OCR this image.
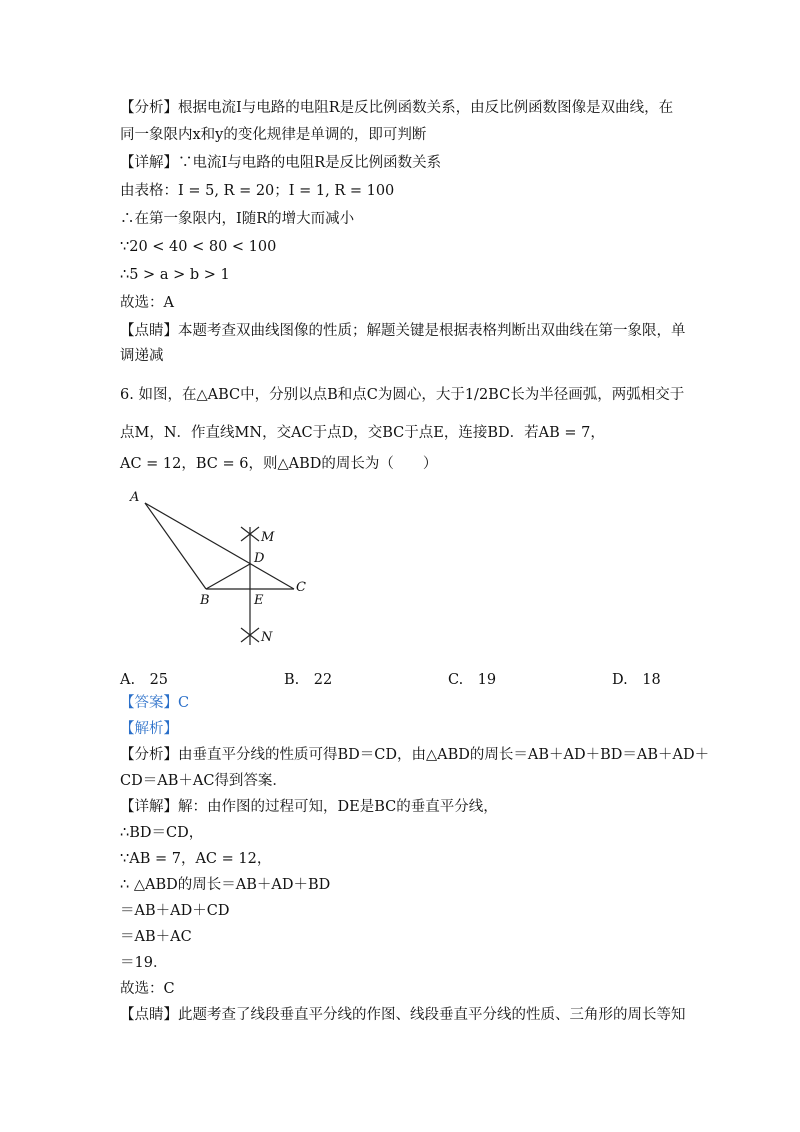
【分析】根据电流I与电路的电阻R是反比例函数关系，由反比例函数图像是双曲线，在
同一象限内x和y的变化规律是单调的，即可判断
【详解】∵电流I与电路的电阻R是反比例函数关系
由表格：I = 5, R = 20；I = 1, R = 100
∴在第一象限内，I随R的增大而减小
∵20 < 40 < 80 < 100
∴5 > a > b > 1
故选：A
【点睛】本题考查双曲线图像的性质；解题关键是根据表格判断出双曲线在第一象限，单
调递减
6. 如图，在△ABC中，分别以点B和点C为圆心，大于1/2BC长为半径画弧，两弧相交于
点M，N．作直线MN，交AC于点D，交BC于点E，连接BD．若AB = 7，
AC = 12，BC = 6，则△ABD的周长为（　　）
A
B
C
D
E
M
N
A.　25	B.　22	C.　19	D.　18
【答案】C
【解析】
【分析】由垂直平分线的性质可得BD＝CD，由△ABD的周长＝AB＋AD＋BD＝AB＋AD＋
CD＝AB＋AC得到答案．
【详解】解：由作图的过程可知，DE是BC的垂直平分线，
∴BD＝CD，
∵AB = 7，AC = 12，
∴ △ABD的周长＝AB＋AD＋BD
＝AB＋AD＋CD
＝AB＋AC
＝19．
故选：C
【点睛】此题考查了线段垂直平分线的作图、线段垂直平分线的性质、三角形的周长等知
